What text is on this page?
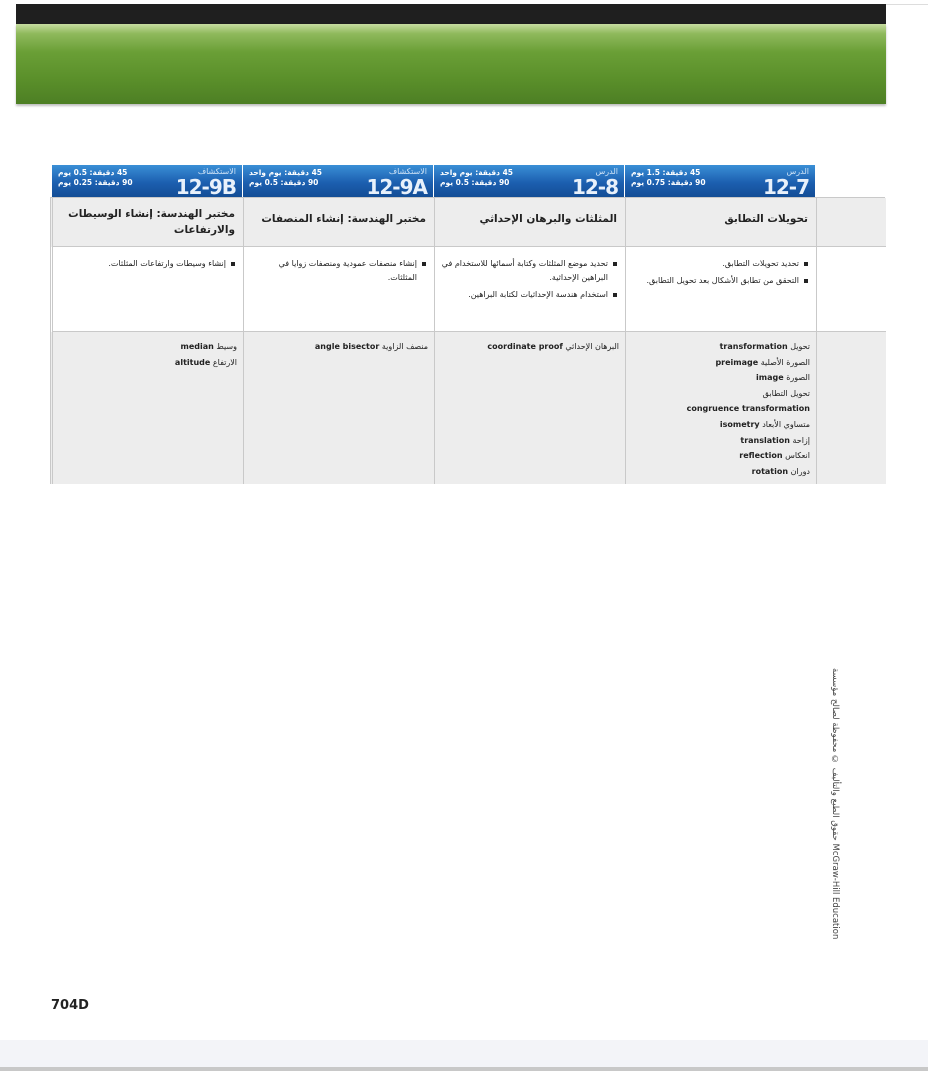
الدرس
12-7
45 دقيقة: 1.5 يوم
90 دقيقة: 0.75 يوم
الدرس
12-8
45 دقيقة: يوم واحد
90 دقيقة: 0.5 يوم
الاستكشاف
12-9A
45 دقيقة: يوم واحد
90 دقيقة: 0.5 يوم
الاستكشاف
12-9B
45 دقيقة: 0.5 يوم
90 دقيقة: 0.25 يوم
تحويلات التطابق
المثلثات والبرهان الإحداثي
مختبر الهندسة: إنشاء المنصفات
مختبر الهندسة: إنشاء الوسيطات والارتفاعات
تحديد تحويلات التطابق.
التحقق من تطابق الأشكال بعد تحويل التطابق.
تحديد موضع المثلثات وكتابة أسمائها للاستخدام في البراهين الإحداثية.
استخدام هندسة الإحداثيات لكتابة البراهين.
إنشاء منصفات عمودية ومنصفات زوايا في المثلثات.
إنشاء وسيطات وارتفاعات المثلثات.
تحويل transformation
الصورة الأصلية preimage
الصورة image
تحويل التطابق
congruence transformation
متساوي الأبعاد isometry
إزاحة translation
انعكاس reflection
دوران rotation
البرهان الإحداثي coordinate proof
منصف الزاوية angle bisector
وسيط median
الارتفاع altitude
حقوق الطبع والتأليف © محفوظة لصالح مؤسسة McGraw-Hill Education
704D
